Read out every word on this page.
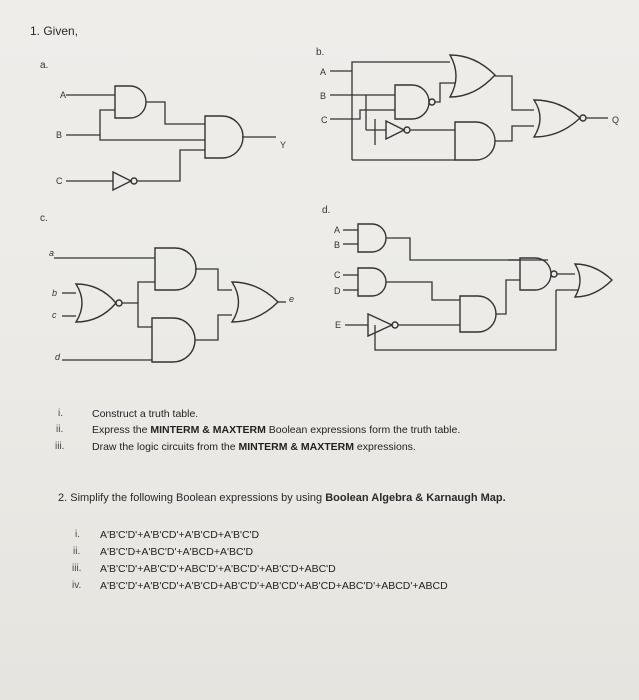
1. Given,
a.
b.
c.
d.
A
B
C
Y
A
B
C	Q
a
b
c
d
e
A
B
C
D
E
i.	Construct a truth table.
ii.	Express the MINTERM & MAXTERM Boolean expressions form the truth table.
iii.	Draw the logic circuits from the MINTERM & MAXTERM expressions.
2. Simplify the following Boolean expressions by using Boolean Algebra & Karnaugh Map.
i.	A'B'C'D'+A'B'CD'+A'B'CD+A'B'C'D
ii.	A'B'C'D+A'BC'D'+A'BCD+A'BC'D
iii.	A'B'C'D'+AB'C'D'+ABC'D'+A'BC'D'+AB'C'D+ABC'D
iv.	A'B'C'D'+A'B'CD'+A'B'CD+AB'C'D'+AB'CD'+AB'CD+ABC'D'+ABCD'+ABCD
